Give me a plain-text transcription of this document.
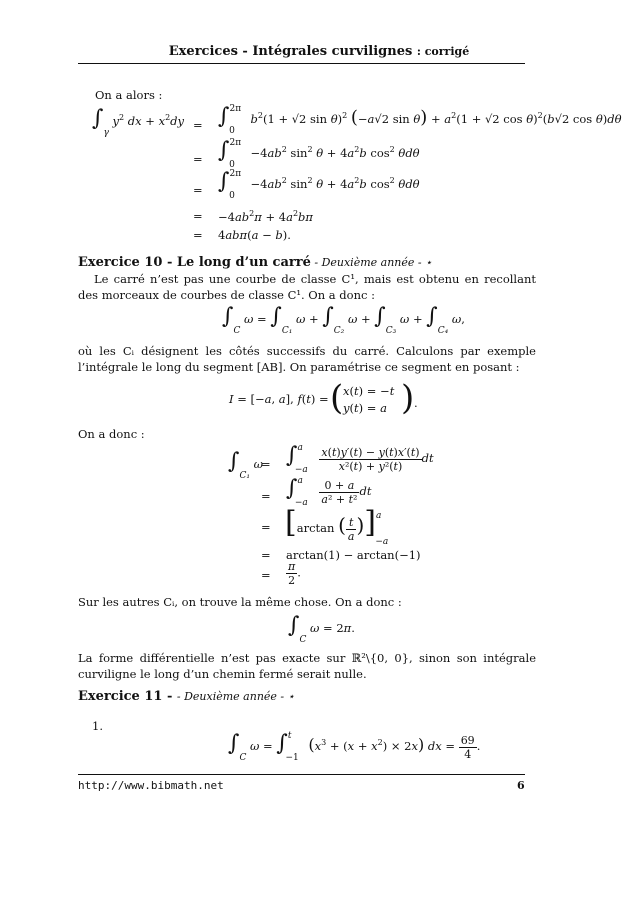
Exercices - Intégrales curvilignes : corrigé
On a alors :
$\int_\gamma$ $y^2$ dx + $x^2dy = \int^{2\pi}_0$ $b^2(1 + √2$ sin θ)$^2$ (−a√2 $\sin \theta) + a^2(1 + √2$ cos θ)$^2$(b√2 cos θ)dθ
= $\int^{2\pi}_0 -4ab^2$ $\sin^2 \theta + 4a^2b$ $\cos^2 \theta d\theta$
= $\int^{2\pi}_0 -4ab^2$ $\sin^2 \theta + 4a^2b$ $\cos^2 \theta d\theta$
= $-4ab^2\pi + 4a^2b\pi$
= 4abπ(a − b).
Exercice 10 - Le long d’un carré - Deuxième année - ⋆
Le carré n’est pas une courbe de classe C¹, mais est obtenu en recollant des morceaux de courbes de classe C¹. On a donc :
$\int_C$ $\omega = \int_{C_1}$ $\omega + \int_{C_2}$ $\omega + \int_{C_3}$ $\omega + \int_{C_4}$ ω,
où les Cᵢ désignent les côtés successifs du carré. Calculons par exemple l’intégrale le long du segment [AB]. On paramétrise ce segment en posant :
I = [−a, a], f(t) = ( x(t) = −t
y(t) = a ) .
On a donc :
$\int_{C_1}$ ω
= $\int^a_{-a} \frac{x(t)y'(t) - y(t)x'(t)}{\text{x²(t) + y²(t)}}$ dt
= $\int^a_{-a} \frac{0 + a}{\text{a² + t²}}$ dt
= [arctan ( $\frac{t}{a} )]^a_{-a}$
= arctan(1) − arctan(−1)
= $\frac{\pi}{2}$ .
Sur les autres Cᵢ, on trouve la même chose. On a donc :
$\int_C$ ω = 2π.
La forme différentielle n’est pas exacte sur ℝ²\{0, 0}, sinon son intégrale curviligne le long d’un chemin fermé serait nulle.
Exercice 11 - - Deuxième année - ⋆
1.
$\int_C$ ω = ∫$^t_{-1}$ $(x^3 + (x + x^2) \times 2x)$ dx = $\frac{69}{4}$ .
http://www.bibmath.net	6
